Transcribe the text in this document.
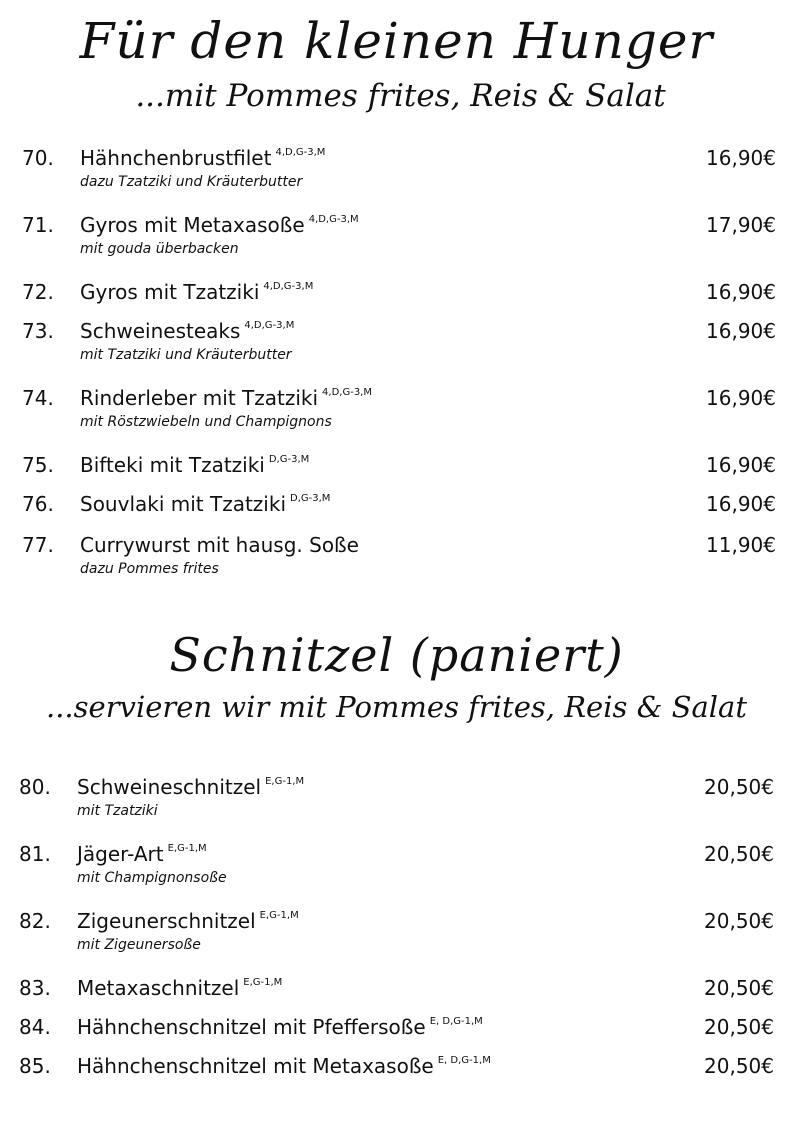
Für den kleinen Hunger
...mit Pommes frites, Reis & Salat
70. Hähnchenbrustfilet $^{4,D,G-3,M}$	16,90€
dazu Tzatziki und Kräuterbutter
71. Gyros mit Metaxasoße $^{4,D,G-3,M}$	17,90€
mit gouda überbacken
72. Gyros mit Tzatziki $^{4,D,G-3,M}$	16,90€
73. Schweinesteaks $^{4,D,G-3,M}$	16,90€
mit Tzatziki und Kräuterbutter
74. Rinderleber mit Tzatziki $^{4,D,G-3,M}$	16,90€
mit Röstzwiebeln und Champignons
75. Bifteki mit Tzatziki $^{D,G-3,M}$	16,90€
76. Souvlaki mit Tzatziki $^{D,G-3,M}$	16,90€
77. Currywurst mit hausg. Soße	11,90€
dazu Pommes frites
Schnitzel (paniert)
...servieren wir mit Pommes frites, Reis & Salat
80. Schweineschnitzel $^{E,G-1,M}$	20,50€
mit Tzatziki
81. Jäger-Art $^{E,G-1,M}$	20,50€
mit Champignonsoße
82. Zigeunerschnitzel $^{E,G-1,M}$	20,50€
mit Zigeunersoße
83. Metaxaschnitzel $^{E,G-1,M}$	20,50€
84. Hähnchenschnitzel mit Pfeffersoße $^{E, D,G-1,M}$	20,50€
85. Hähnchenschnitzel mit Metaxasoße $^{E, D,G-1,M}$	20,50€
